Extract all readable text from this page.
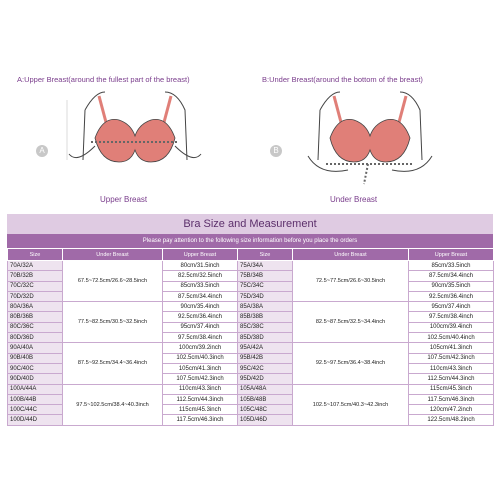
A:Upper Breast(around the fullest part of the breast)	B:Under Breast(around the bottom of the breast)
A
Upper Breast
B
Under Breast
Bra Size and Measurement
Please pay attention to the following size information before you place the orders
Size	Under Breast	Upper Breast	Size	Under Breast	Upper Breast
70A/32A	67.5~72.5cm/26.6~28.5inch	80cm/31.5inch	75A/34A	72.5~77.5cm/26.6~30.5inch	85cm/33.5inch
70B/32B		82.5cm/32.5inch	75B/34B		87.5cm/34.4inch
70C/32C		85cm/33.5inch	75C/34C		90cm/35.5inch
70D/32D		87.5cm/34.4inch	75D/34D		92.5cm/36.4inch
80A/36A	77.5~82.5cm/30.5~32.5inch	90cm/35.4inch	85A/38A	82.5~87.5cm/32.5~34.4inch	95cm/37.4inch
80B/36B		92.5cm/36.4inch	85B/38B		97.5cm/38.4inch
80C/36C		95cm/37.4inch	85C/38C		100cm/39.4inch
80D/36D		97.5cm/38.4inch	85D/38D		102.5cm/40.4inch
90A/40A	87.5~92.5cm/34.4~36.4inch	100cm/39.2inch	95A/42A	92.5~97.5cm/36.4~38.4inch	105cm/41.3inch
90B/40B		102.5cm/40.3inch	95B/42B		107.5cm/42.3inch
90C/40C		105cm/41.3inch	95C/42C		110cm/43.3inch
90D/40D		107.5cm/42.3inch	95D/42D		112.5cm/44.3inch
100A/44A	97.5~102.5cm/38.4~40.3inch	110cm/43.3inch	105A/48A	102.5~107.5cm/40.3~42.3inch	115cm/45.3inch
100B/44B		112.5cm/44.3inch	105B/48B		117.5cm/46.3inch
100C/44C		115cm/45.3inch	105C/48C		120cm/47.2inch
100D/44D		117.5cm/46.3inch	105D/46D		122.5cm/48.2inch
